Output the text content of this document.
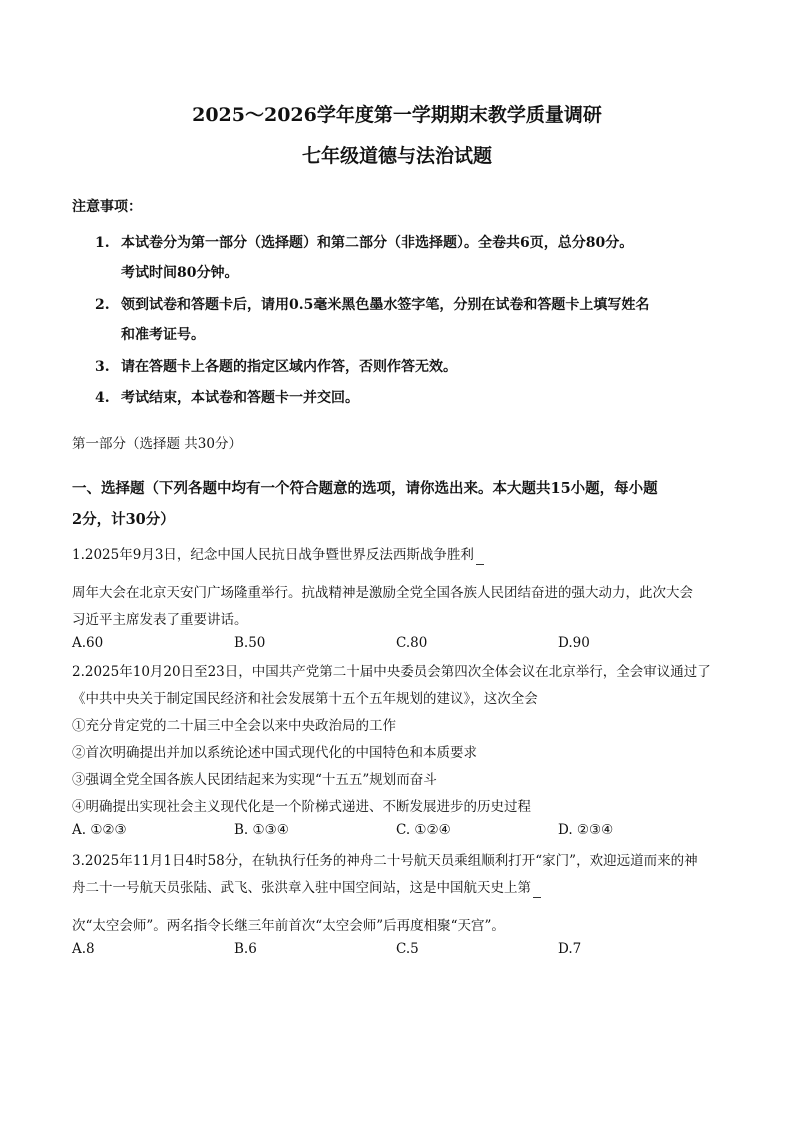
2025～2026学年度第一学期期末教学质量调研
七年级道德与法治试题
注意事项：
1. 本试卷分为第一部分（选择题）和第二部分（非选择题）。全卷共6页，总分80分。
考试时间80分钟。
2. 领到试卷和答题卡后，请用0.5毫米黑色墨水签字笔，分别在试卷和答题卡上填写姓名
和准考证号。
3. 请在答题卡上各题的指定区域内作答，否则作答无效。
4. 考试结束，本试卷和答题卡一并交回。
第一部分（选择题 共30分）
一、选择题（下列各题中均有一个符合题意的选项，请你选出来。本大题共15小题，每小题
2分，计30分）
1.2025年9月3日，纪念中国人民抗日战争暨世界反法西斯战争胜利
周年大会在北京天安门广场隆重举行。抗战精神是激励全党全国各族人民团结奋进的强大动力，此次大会
习近平主席发表了重要讲话。
A.60	B.50	C.80	D.90
2.2025年10月20日至23日，中国共产党第二十届中央委员会第四次全体会议在北京举行，全会审议通过了
《中共中央关于制定国民经济和社会发展第十五个五年规划的建议》，这次全会
①充分肯定党的二十届三中全会以来中央政治局的工作
②首次明确提出并加以系统论述中国式现代化的中国特色和本质要求
③强调全党全国各族人民团结起来为实现“十五五”规划而奋斗
④明确提出实现社会主义现代化是一个阶梯式递进、不断发展进步的历史过程
A. ①②③	B. ①③④	C. ①②④	D. ②③④
3.2025年11月1日4时58分，在轨执行任务的神舟二十号航天员乘组顺利打开“家门”，欢迎远道而来的神
舟二十一号航天员张陆、武飞、张洪章入驻中国空间站，这是中国航天史上第
次“太空会师”。两名指令长继三年前首次“太空会师”后再度相聚“天宫”。
A.8	B.6	C.5	D.7
